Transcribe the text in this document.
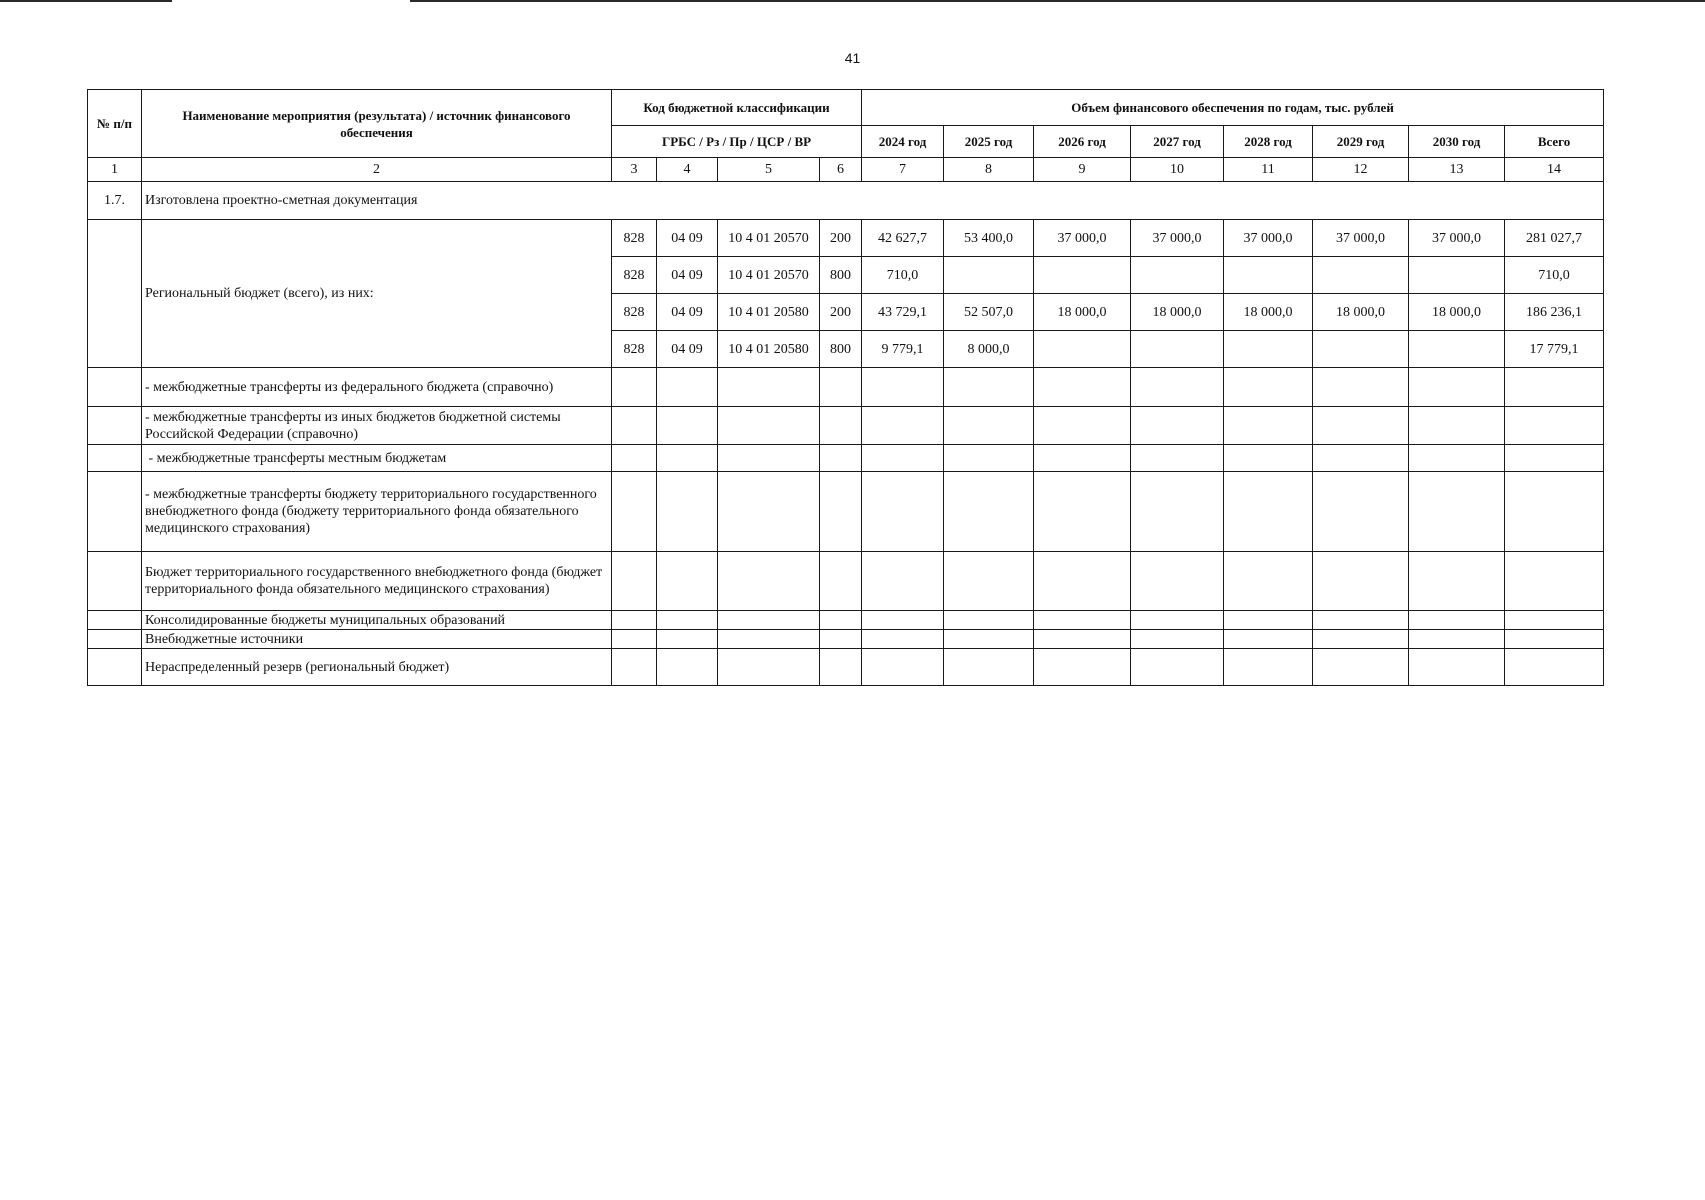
41
№ п/п	Наименование мероприятия (результата) / источник финансового обеспечения	Код бюджетной классификации				Объем финансового обеспечения по годам, тыс. рублей							
		ГРБС / Рз / Пр / ЦСР / ВР				2024 год	2025 год	2026 год	2027 год	2028 год	2029 год	2030 год	Всего
1	2	3	4	5	6	7	8	9	10	11	12	13	14
1.7.	Изготовлена проектно-сметная документация												
	Региональный бюджет (всего), из них:	828	04 09	10 4 01 20570	200	42 627,7	53 400,0	37 000,0	37 000,0	37 000,0	37 000,0	37 000,0	281 027,7
		828	04 09	10 4 01 20570	800	710,0							710,0
		828	04 09	10 4 01 20580	200	43 729,1	52 507,0	18 000,0	18 000,0	18 000,0	18 000,0	18 000,0	186 236,1
		828	04 09	10 4 01 20580	800	9 779,1	8 000,0						17 779,1
	- межбюджетные трансферты из федерального бюджета (справочно)												
	- межбюджетные трансферты из иных бюджетов бюджетной системы Российской Федерации (справочно)												
	- межбюджетные трансферты местным бюджетам												
	- межбюджетные трансферты бюджету территориального государственного внебюджетного фонда (бюджету территориального фонда обязательного медицинского страхования)												
	Бюджет территориального государственного внебюджетного фонда (бюджет территориального фонда обязательного медицинского страхования)												
	Консолидированные бюджеты муниципальных образований												
	Внебюджетные источники												
	Нераспределенный резерв (региональный бюджет)												
